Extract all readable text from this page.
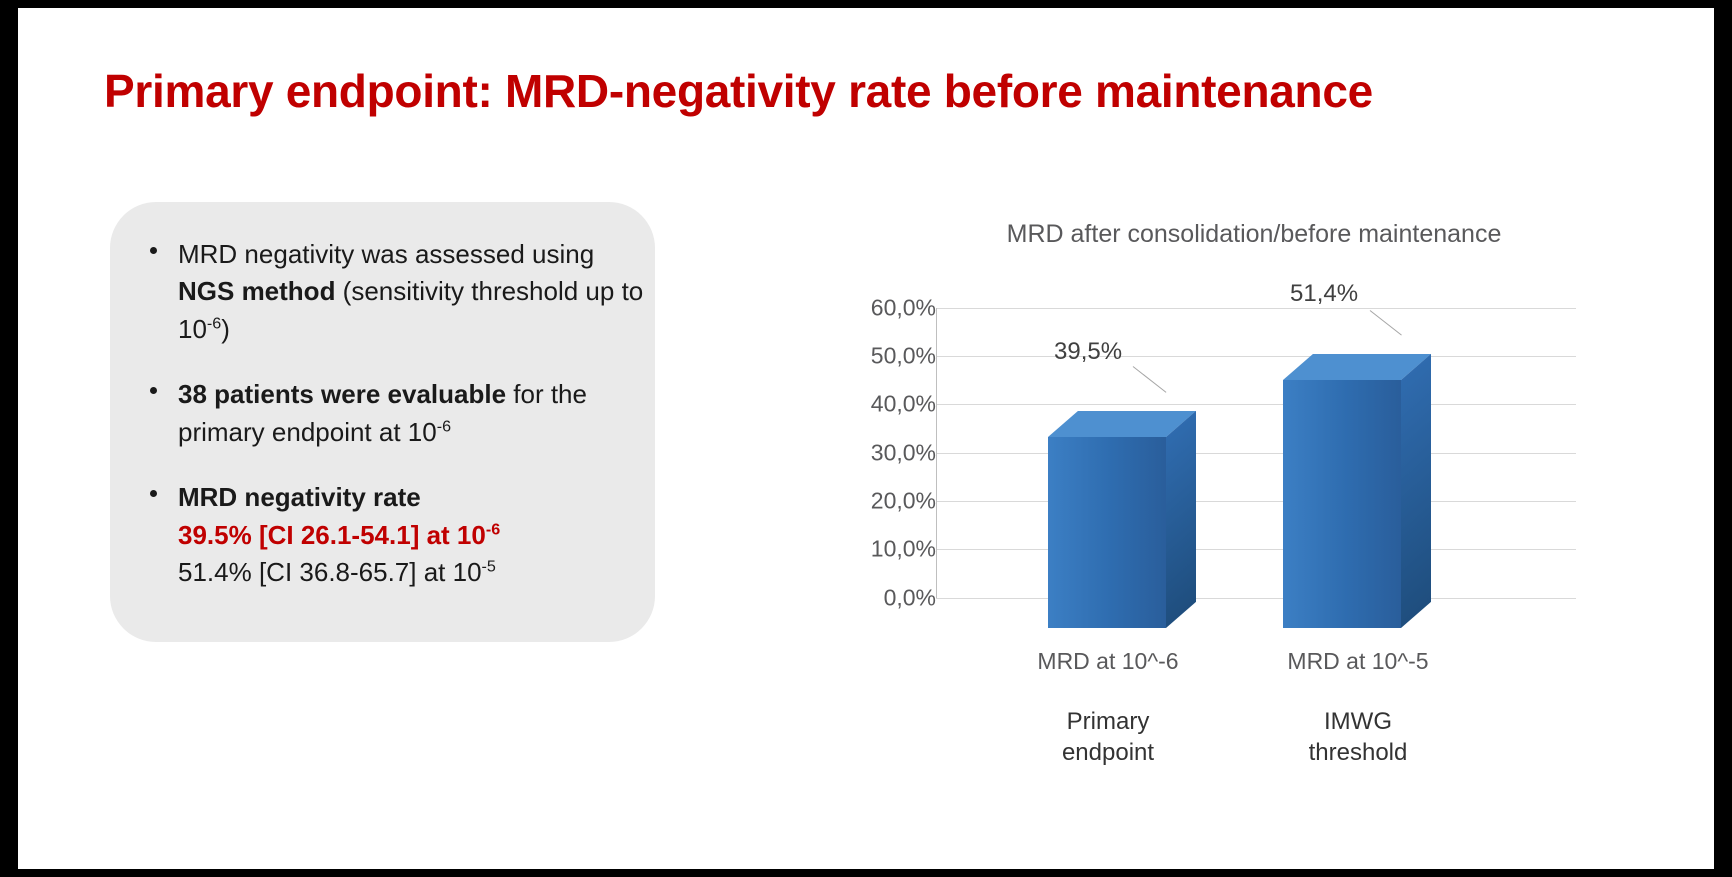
Primary endpoint: MRD-negativity rate before maintenance
MRD negativity was assessed using NGS method (sensitivity threshold up to $10^{-6}$)
38 patients were evaluable for the primary endpoint at $10^{-6}$
MRD negativity rate
39.5% [CI 26.1-54.1] at $10^{-6}$
51.4% [CI 36.8-65.7] at $10^{-5}$
MRD after consolidation/before maintenance
60,0%
50,0%
40,0%
30,0%
20,0%
10,0%
0,0%
39,5%
51,4%
MRD at 10^-6	MRD at 10^-5
Primary
endpoint
IMWG
threshold
